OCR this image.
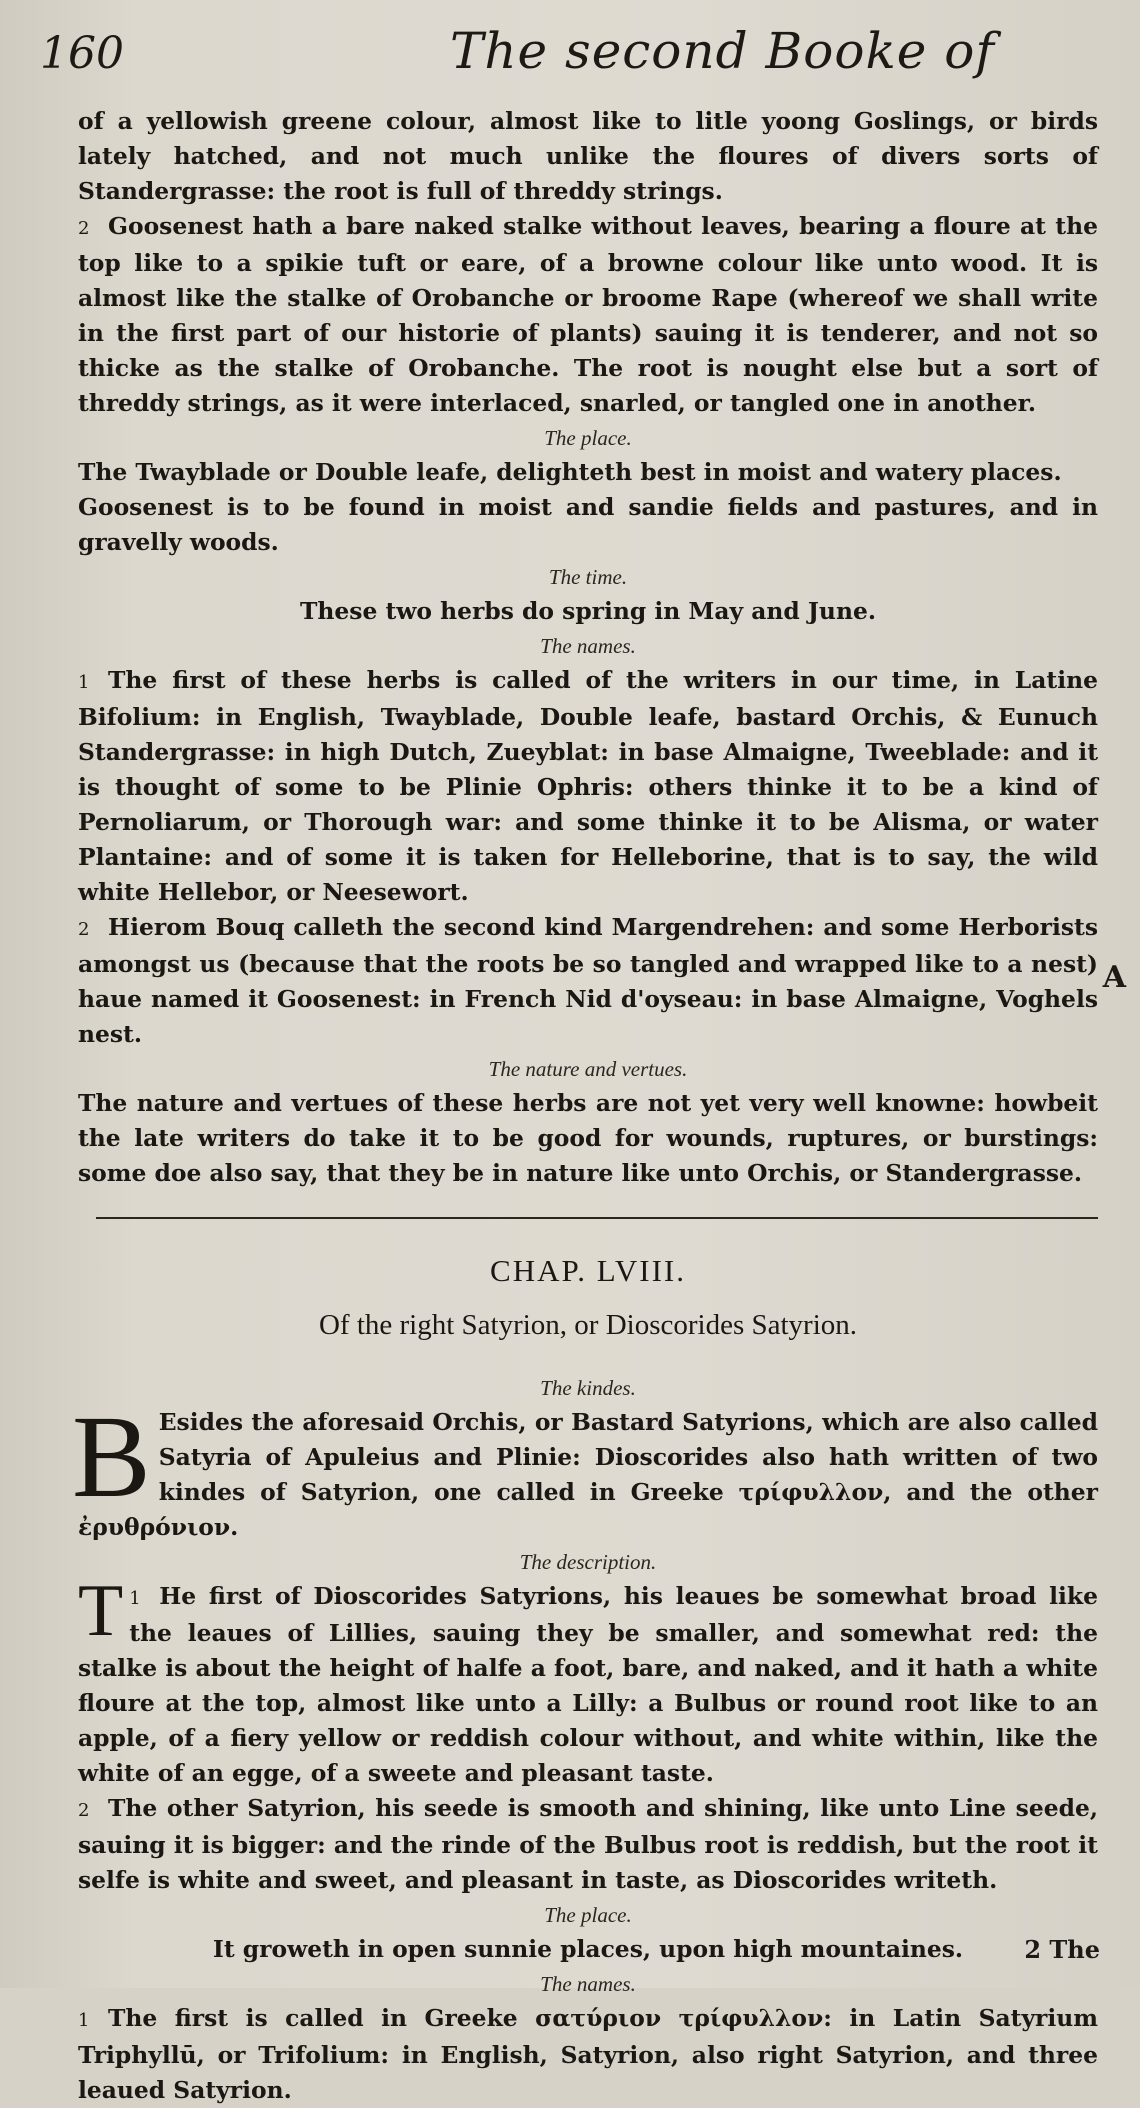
160	The second Booke of

of a yellowish greene colour, almost like to litle yoong Goslings, or birds lately hatched, and not much unlike the floures of divers sorts of Standergrasse: the root is full of threddy strings.

2 Goosenest hath a bare naked stalke without leaves, bearing a floure at the top like to a spikie tuft or eare, of a browne colour like unto wood. It is almost like the stalke of Orobanche or broome Rape (whereof we shall write in the first part of our historie of plants) sauing it is tenderer, and not so thicke as the stalke of Orobanche. The root is nought else but a sort of threddy strings, as it were interlaced, snarled, or tangled one in another.

The place.

The Twayblade or Double leafe, delighteth best in moist and watery places.

Goosenest is to be found in moist and sandie fields and pastures, and in gravelly woods.

The time.

These two herbs do spring in May and June.

The names.

1 The first of these herbs is called of the writers in our time, in Latine Bifolium: in English, Twayblade, Double leafe, bastard Orchis, & Eunuch Standergrasse: in high Dutch, Zueyblat: in base Almaigne, Tweeblade: and it is thought of some to be Plinie Ophris: others thinke it to be a kind of Pernoliarum, or Thorough war: and some thinke it to be Alisma, or water Plantaine: and of some it is taken for Helleborine, that is to say, the wild white Hellebor, or Neesewort.

2 Hierom Bouq calleth the second kind Margendrehen: and some Herborists amongst us (because that the roots be so tangled and wrapped like to a nest) haue named it Goosenest: in French Nid d'oyseau: in base Almaigne, Voghels nest.

The nature and vertues.

The nature and vertues of these herbs are not yet very well knowne: howbeit the late writers do take it to be good for wounds, ruptures, or burstings: some doe also say, that they be in nature like unto Orchis, or Standergrasse.

CHAP. LVIII.
Of the right Satyrion, or Dioscorides Satyrion.
The kindes.

B Esides the aforesaid Orchis, or Bastard Satyrions, which are also called Satyria of Apuleius and Plinie: Dioscorides also hath written of two kindes of Satyrion, one called in Greeke τρίφυλλον, and the other ἐρυθρόνιον.

The description.

1
T He first of Dioscorides Satyrions, his leaues be somewhat broad like the leaues of Lillies, sauing they be smaller, and somewhat red: the stalke is about the height of halfe a foot, bare, and naked, and it hath a white floure at the top, almost like unto a Lilly: a Bulbus or round root like to an apple, of a fiery yellow or reddish colour without, and white within, like the white of an egge, of a sweete and pleasant taste.

2 The other Satyrion, his seede is smooth and shining, like unto Line seede, sauing it is bigger: and the rinde of the Bulbus root is reddish, but the root it selfe is white and sweet, and pleasant in taste, as Dioscorides writeth.

The place.

It groweth in open sunnie places, upon high mountaines.

The names.

1 The first is called in Greeke σατύριον τρίφυλλον: in Latin Satyrium Triphyllū, or Trifolium: in English, Satyrion, also right Satyrion, and three leaued Satyrion.

A
2 The
